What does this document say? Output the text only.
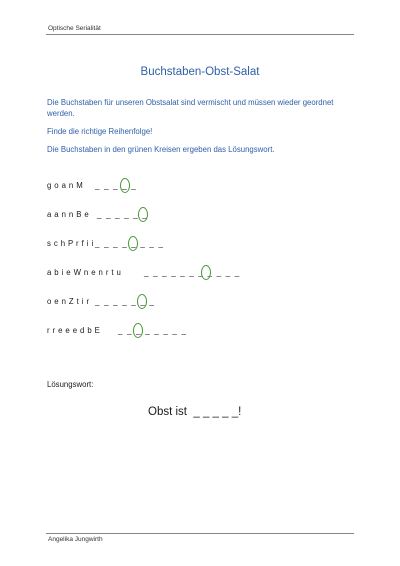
Optische Serialität
Buchstaben-Obst-Salat

Die Buchstaben für unseren Obstsalat sind vermischt und müssen wieder geordnet werden.

Finde die richtige Reihenfolge!

Die Buchstaben in den grünen Kreisen ergeben das Lösungswort.

g o a n M _ _ _ _ _
a a n n B e _ _ _ _ _ _
s c h P r f i i _ _ _ _ _ _ _ _
a b i e W n e n r t u	_ _ _ _ _ _ _ _ _ _ _
o e n Z t i r _ _ _ _ _ _ _
r r e e e d b E _ _ _ _ _ _ _ _
Lösungswort:
Obst ist  _ _ _ _ _!
Angelika Jungwirth
